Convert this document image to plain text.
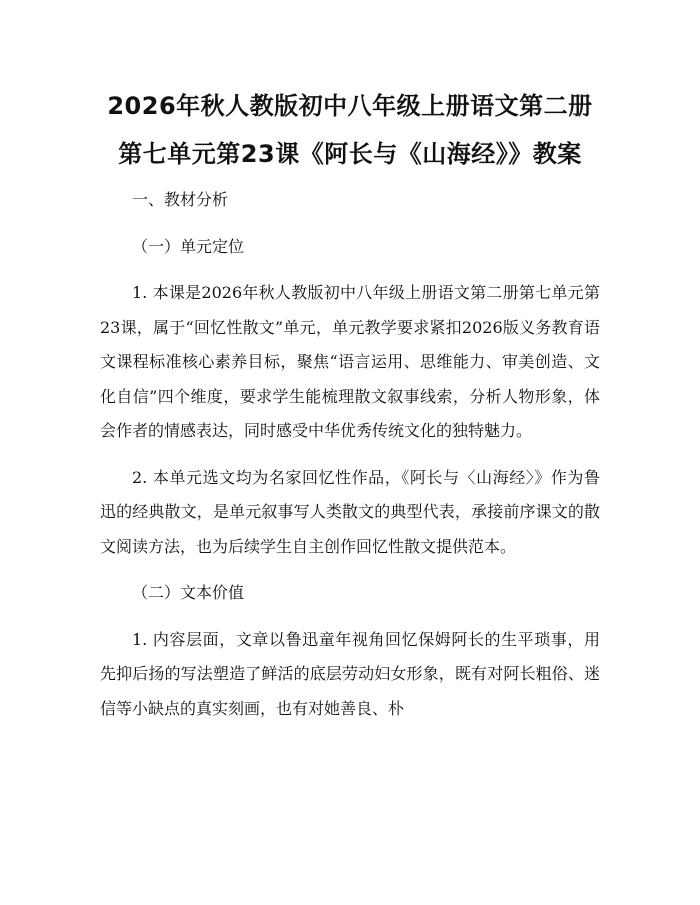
2026年秋人教版初中八年级上册语文第二册
第七单元第23课《阿长与《山海经》》教案

一、教材分析

（一）单元定位

1. 本课是2026年秋人教版初中八年级上册语文第二册第七单元第23课，属于“回忆性散文”单元，单元教学要求紧扣2026版义务教育语文课程标准核心素养目标，聚焦“语言运用、思维能力、审美创造、文化自信”四个维度，要求学生能梳理散文叙事线索，分析人物形象，体会作者的情感表达，同时感受中华优秀传统文化的独特魅力。

2. 本单元选文均为名家回忆性作品，《阿长与〈山海经〉》作为鲁迅的经典散文，是单元叙事写人类散文的典型代表，承接前序课文的散文阅读方法，也为后续学生自主创作回忆性散文提供范本。

（二）文本价值

1. 内容层面，文章以鲁迅童年视角回忆保姆阿长的生平琐事，用先抑后扬的写法塑造了鲜活的底层劳动妇女形象，既有对阿长粗俗、迷信等小缺点的真实刻画，也有对她善良、朴
